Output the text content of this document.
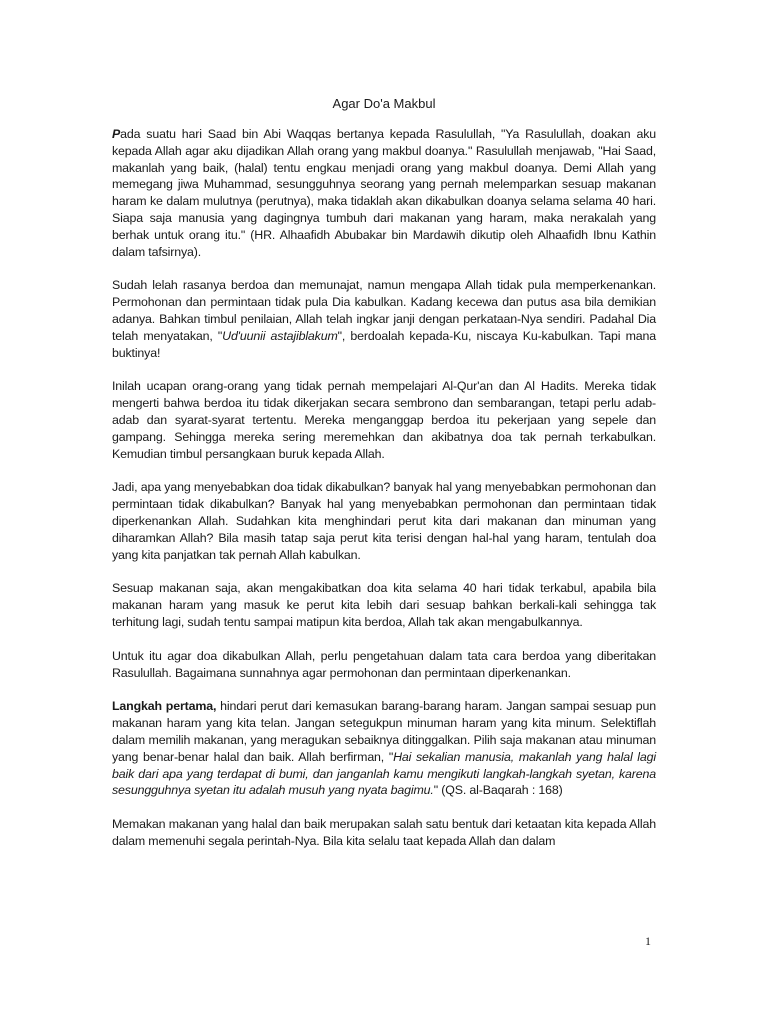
Agar Do'a Makbul

Pada suatu hari Saad bin Abi Waqqas bertanya kepada Rasulullah, "Ya Rasulullah, doakan aku kepada Allah agar aku dijadikan Allah orang yang makbul doanya." Rasulullah menjawab, "Hai Saad, makanlah yang baik, (halal) tentu engkau menjadi orang yang makbul doanya. Demi Allah yang memegang jiwa Muhammad, sesungguhnya seorang yang pernah melemparkan sesuap makanan haram ke dalam mulutnya (perutnya), maka tidaklah akan dikabulkan doanya selama selama 40 hari. Siapa saja manusia yang dagingnya tumbuh dari makanan yang haram, maka nerakalah yang berhak untuk orang itu." (HR. Alhaafidh Abubakar bin Mardawih dikutip oleh Alhaafidh Ibnu Kathin dalam tafsirnya).

Sudah lelah rasanya berdoa dan memunajat, namun mengapa Allah tidak pula memperkenankan. Permohonan dan permintaan tidak pula Dia kabulkan. Kadang kecewa dan putus asa bila demikian adanya. Bahkan timbul penilaian, Allah telah ingkar janji dengan perkataan-Nya sendiri. Padahal Dia telah menyatakan, "Ud'uunii astajiblakum", berdoalah kepada-Ku, niscaya Ku-kabulkan. Tapi mana buktinya!

Inilah ucapan orang-orang yang tidak pernah mempelajari Al-Qur'an dan Al Hadits. Mereka tidak mengerti bahwa berdoa itu tidak dikerjakan secara sembrono dan sembarangan, tetapi perlu adab-adab dan syarat-syarat tertentu. Mereka menganggap berdoa itu pekerjaan yang sepele dan gampang. Sehingga mereka sering meremehkan dan akibatnya doa tak pernah terkabulkan. Kemudian timbul persangkaan buruk kepada Allah.

Jadi, apa yang menyebabkan doa tidak dikabulkan? banyak hal yang menyebabkan permohonan dan permintaan tidak dikabulkan? Banyak hal yang menyebabkan permohonan dan permintaan tidak diperkenankan Allah. Sudahkan kita menghindari perut kita dari makanan dan minuman yang diharamkan Allah? Bila masih tatap saja perut kita terisi dengan hal-hal yang haram, tentulah doa yang kita panjatkan tak pernah Allah kabulkan.

Sesuap makanan saja, akan mengakibatkan doa kita selama 40 hari tidak terkabul, apabila bila makanan haram yang masuk ke perut kita lebih dari sesuap bahkan berkali-kali sehingga tak terhitung lagi, sudah tentu sampai matipun kita berdoa, Allah tak akan mengabulkannya.

Untuk itu agar doa dikabulkan Allah, perlu pengetahuan dalam tata cara berdoa yang diberitakan Rasulullah. Bagaimana sunnahnya agar permohonan dan permintaan diperkenankan.

Langkah pertama, hindari perut dari kemasukan barang-barang haram. Jangan sampai sesuap pun makanan haram yang kita telan. Jangan setegukpun minuman haram yang kita minum. Selektiflah dalam memilih makanan, yang meragukan sebaiknya ditinggalkan. Pilih saja makanan atau minuman yang benar-benar halal dan baik. Allah berfirman, "Hai sekalian manusia, makanlah yang halal lagi baik dari apa yang terdapat di bumi, dan janganlah kamu mengikuti langkah-langkah syetan, karena sesungguhnya syetan itu adalah musuh yang nyata bagimu." (QS. al-Baqarah : 168)

Memakan makanan yang halal dan baik merupakan salah satu bentuk dari ketaatan kita kepada Allah dalam memenuhi segala perintah-Nya. Bila kita selalu taat kepada Allah dan dalam

1
